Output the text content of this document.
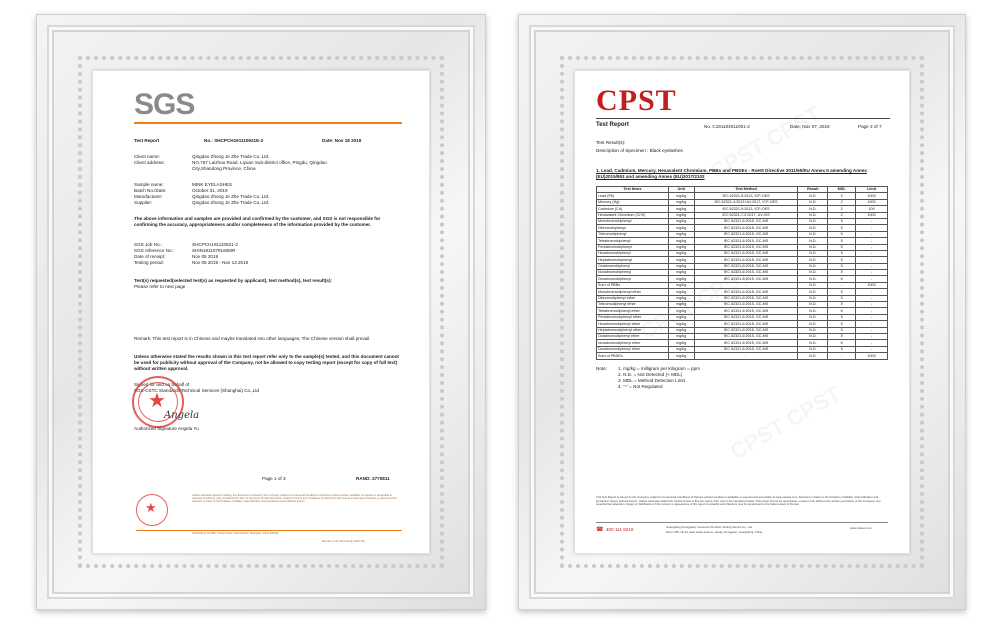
SGS
Test Report	No.: SHCPCH191110921E-2	Date: Nov 18 2019
Client name:	Qingdao Zhong Je Zhe Trade Co.,Ltd.
Client address:	NO.767 Laizhou Road, Liyuan Sub-district office, Pingdu, Qingdao City,Shandong Province, China
Sample name:	MINK EYELASHES
Batch No./Date:	October 31, 2019
Manufacturer:	Qingdao Zhong Je Zhe Trade Co.,Ltd.
Supplier:	Qingdao Zhong Je Zhe Trade Co.,Ltd.
The above information and samples are provided and confirmed by the customer, and SGS is not responsible for confirming the accuracy, appropriateness and/or completeness of the information provided by the customer.
SGS Job No.:	SHCPCH191110921-2
SGS reference No.:	SHIN1911079160MR
Date of receipt:	Nov 05 2019
Testing period:	Nov 05 2019 - Nov 13 2019
Test(s) requested(selected test(s) as requested by applicant), test method(s), test result(s):
Please refer to next page
Remark: This test report is in Chinese and maybe translated into other languages, The Chinese version shall prevail.
Unless otherwise stated the results shown in this test report refer only to the sample(s) tested, and this document cannot be used for publicity without approval of the Company, not be allowed to copy testing report (except for copy of full text) without written approval.
Signed for and on behalf of
SGS-CSTC Standards Technical Services (Shanghai) Co.,Ltd
★
Angela
Authorized Signature Angela Yu
Page 1 of 3	RAND: 2770811
★
Unless otherwise agreed in writing, this document is issued by the Company subject to its General Conditions of Service printed overleaf, available on request or accessible at www.sgs.com/terms_and_conditions.htm and, for electronic format documents, subject to Terms and Conditions for Electronic Documents at www.sgs.com/terms_e-document.htm. Attention is drawn to the limitation of liability, indemnification and jurisdiction issues defined therein.
3rd Building, No.889, Yishan Road, Xuhui District, Shanghai, China 200233
Member of the SGS Group (SGS SA)
CPST
Test Report	No. C191104011001-2	Date: Nov 07, 2019	Page 3 of 7
Test Result(s):
Description of Specimen : Black eyelashes
1. Lead, Cadmium, Mercury, Hexavalent Chromium, PBBs and PBDEs - RoHS Directive 2011/65/EU Annex II amending Annex (EU)2015/863 and amending Annex (EU)2017/2102
Test Items	Unit	Test Method	Result	MDL	Limit
Lead (Pb)	mg/kg	IEC 62321-5:2013, ICP-OES	N.D.	2	1000
Mercury (Hg)	mg/kg	IEC 62321-4:2013+A1:2017, ICP-OES	N.D.	2	1000
Cadmium (Cd)	mg/kg	IEC 62321-5:2013, ICP-OES	N.D.	2	100
Hexavalent Chromium (CrVI)	mg/kg	IEC 62321-7-2:2017, UV-VIS	N.D.	2	1000
Monobromobiphenyl	mg/kg	IEC 62321-6:2015, GC-MS	N.D.	5	-
Dibromobiphenyl	mg/kg	IEC 62321-6:2015, GC-MS	N.D.	5	-
Tribromobiphenyl	mg/kg	IEC 62321-6:2015, GC-MS	N.D.	5	-
Tetrabromobiphenyl	mg/kg	IEC 62321-6:2015, GC-MS	N.D.	5	-
Pentabromobiphenyl	mg/kg	IEC 62321-6:2015, GC-MS	N.D.	5	-
Hexabromobiphenyl	mg/kg	IEC 62321-6:2015, GC-MS	N.D.	5	-
Heptabromobiphenyl	mg/kg	IEC 62321-6:2015, GC-MS	N.D.	5	-
Octabromobiphenyl	mg/kg	IEC 62321-6:2015, GC-MS	N.D.	5	-
Nonabromobiphenyl	mg/kg	IEC 62321-6:2015, GC-MS	N.D.	5	-
Decabromobiphenyl	mg/kg	IEC 62321-6:2015, GC-MS	N.D.	5	-
Sum of PBBs	mg/kg	-	N.D.	-	1000
Monobromodiphenyl ether	mg/kg	IEC 62321-6:2015, GC-MS	N.D.	5	-
Dibromodiphenyl ether	mg/kg	IEC 62321-6:2015, GC-MS	N.D.	5	-
Tribromodiphenyl ether	mg/kg	IEC 62321-6:2015, GC-MS	N.D.	5	-
Tetrabromodiphenyl ether	mg/kg	IEC 62321-6:2015, GC-MS	N.D.	5	-
Pentabromodiphenyl ether	mg/kg	IEC 62321-6:2015, GC-MS	N.D.	5	-
Hexabromodiphenyl ether	mg/kg	IEC 62321-6:2015, GC-MS	N.D.	5	-
Heptabromodiphenyl ether	mg/kg	IEC 62321-6:2015, GC-MS	N.D.	5	-
Octabromodiphenyl ether	mg/kg	IEC 62321-6:2015, GC-MS	N.D.	5	-
Nonabromodiphenyl ether	mg/kg	IEC 62321-6:2015, GC-MS	N.D.	5	-
Decabromodiphenyl ether	mg/kg	IEC 62321-6:2015, GC-MS	N.D.	5	-
Sum of PBDEs	mg/kg	-	N.D.	-	1000
Note: 1. mg/kg = milligram per kilogram = ppm
2. N.D. = Not Detected (< MDL)
3. MDL = Method Detection Limit
4. "-" = Not Regulated
This Test Report is issued by the Company subject to its General Conditions of Service printed overleaf or available on request and accessible at www.cpstest.com. Attention is drawn to the limitation of liability, indemnification and jurisdiction issues defined therein. Unless otherwise stated the results shown in this test report refer only to the sample(s) tested. This report cannot be reproduced, except in full, without prior written permission of the Company. Any unauthorized alteration, forgery or falsification of the content or appearance of this report is unlawful and offenders may be prosecuted to the fullest extent of the law.
☎ 400 111 6218	Guangdong (Dongguan) Consumer Products Testing Service Co., Ltd.
Room 180, No.12, East Huide Avenue, Houjie, Dongguan, Guangdong, China
www.cpstest.com
